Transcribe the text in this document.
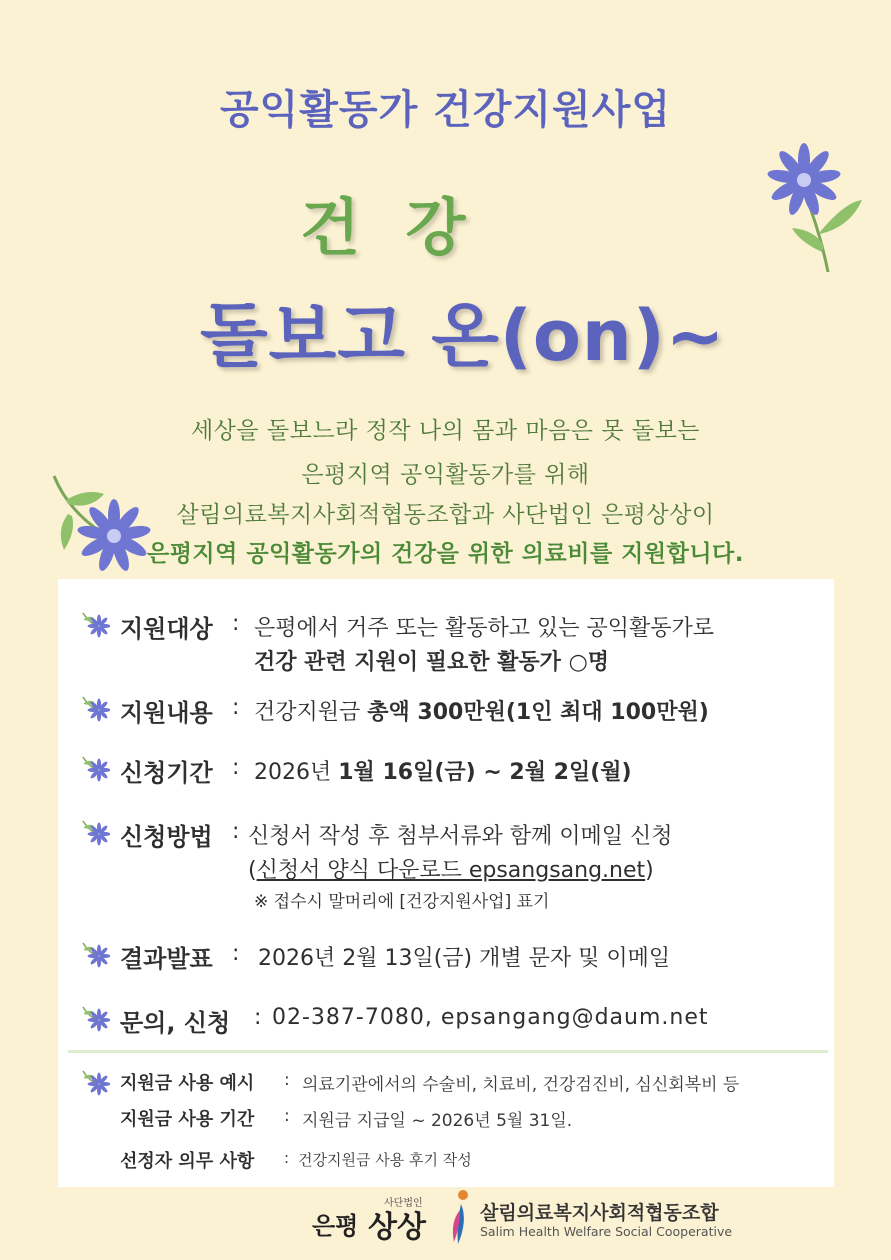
공익활동가 건강지원사업
건 강
돌보고 온(on)~
세상을 돌보느라 정작 나의 몸과 마음은 못 돌보는
은평지역 공익활동가를 위해
살림의료복지사회적협동조합과 사단법인 은평상상이
은평지역 공익활동가의 건강을 위한 의료비를 지원합니다.
지원대상 : 은평에서 거주 또는 활동하고 있는 공익활동가로
건강 관련 지원이 필요한 활동가 ○명
지원내용 : 건강지원금 총액 300만원(1인 최대 100만원)
신청기간 : 2026년 1월 16일(금) ~ 2월 2일(월)
신청방법 : 신청서 작성 후 첨부서류와 함께 이메일 신청
(신청서 양식 다운로드 epsangsang.net)
※ 접수시 말머리에 [건강지원사업] 표기
결과발표 : 2026년 2월 13일(금) 개별 문자 및 이메일
문의, 신청 : 02-387-7080, epsangang@daum.net
지원금 사용 예시 : 의료기관에서의 수술비, 치료비, 건강검진비, 심신회복비 등
지원금 사용 기간 : 지원금 지급일 ~ 2026년 5월 31일.
선정자 의무 사항 : 건강지원금 사용 후기 작성
사단법인
은평 상상	살림의료복지사회적협동조합
Salim Health Welfare Social Cooperative
